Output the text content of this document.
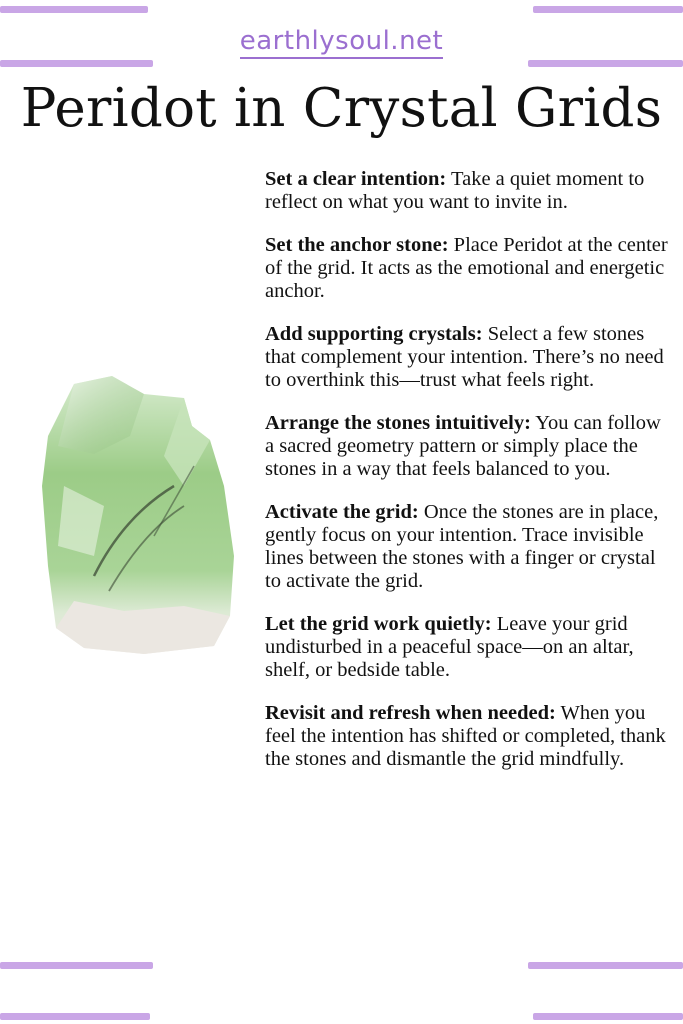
earthlysoul.net
Peridot in Crystal Grids

Set a clear intention: Take a quiet moment to reflect on what you want to invite in.

Set the anchor stone: Place Peridot at the center of the grid. It acts as the emotional and energetic anchor.

Add supporting crystals: Select a few stones that complement your intention. There’s no need to overthink this—trust what feels right.

Arrange the stones intuitively: You can follow a sacred geometry pattern or simply place the stones in a way that feels balanced to you.

Activate the grid: Once the stones are in place, gently focus on your intention. Trace invisible lines between the stones with a finger or crystal to activate the grid.

Let the grid work quietly: Leave your grid undisturbed in a peaceful space—on an altar, shelf, or bedside table.

Revisit and refresh when needed: When you feel the intention has shifted or completed, thank the stones and dismantle the grid mindfully.
